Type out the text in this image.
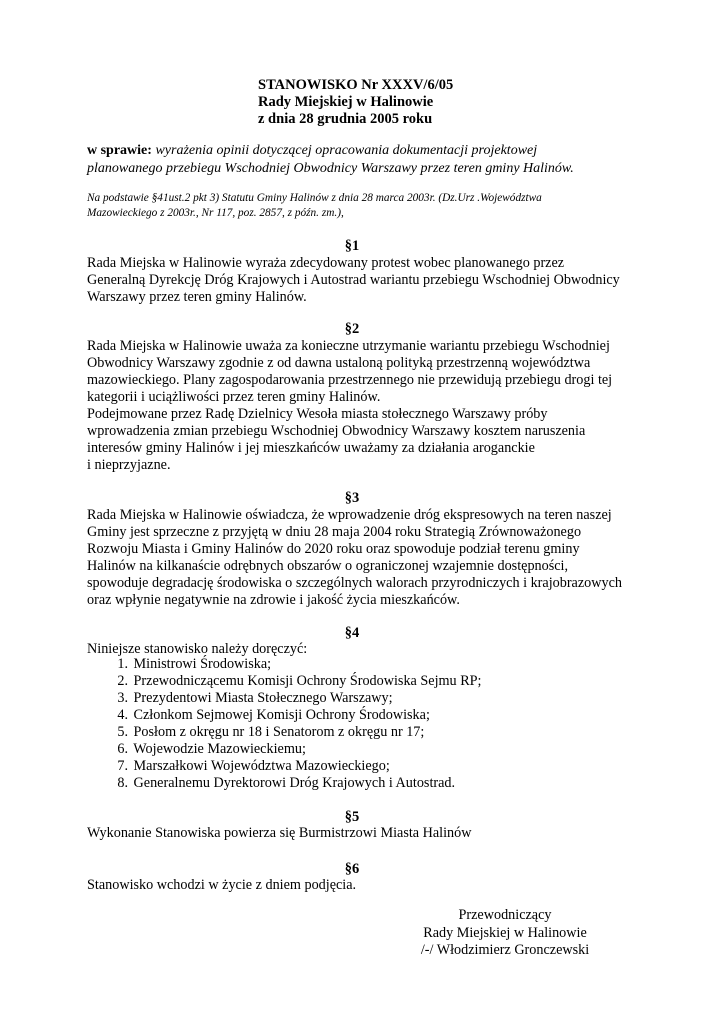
STANOWISKO Nr XXXV/6/05
Rady Miejskiej w Halinowie
z dnia 28 grudnia 2005 roku
w sprawie: wyrażenia opinii dotyczącej opracowania dokumentacji projektowej
planowanego przebiegu Wschodniej Obwodnicy Warszawy przez teren gminy Halinów.
Na podstawie §41ust.2 pkt 3) Statutu Gminy Halinów z dnia 28 marca 2003r. (Dz.Urz .Województwa
Mazowieckiego z 2003r., Nr 117, poz. 2857, z późn. zm.),
§1
Rada Miejska w Halinowie wyraża zdecydowany protest wobec planowanego przez
Generalną Dyrekcję Dróg Krajowych i Autostrad wariantu przebiegu Wschodniej Obwodnicy
Warszawy przez teren gminy Halinów.
§2
Rada Miejska w Halinowie uważa za konieczne utrzymanie wariantu przebiegu Wschodniej
Obwodnicy Warszawy zgodnie z od dawna ustaloną polityką przestrzenną województwa
mazowieckiego. Plany zagospodarowania przestrzennego nie przewidują przebiegu drogi tej
kategorii i uciążliwości przez teren gminy Halinów.
Podejmowane przez Radę Dzielnicy Wesoła miasta stołecznego Warszawy próby
wprowadzenia zmian przebiegu Wschodniej Obwodnicy Warszawy kosztem naruszenia
interesów gminy Halinów i jej mieszkańców uważamy za działania aroganckie
i nieprzyjazne.
§3
Rada Miejska w Halinowie oświadcza, że wprowadzenie dróg ekspresowych na teren naszej
Gminy jest sprzeczne z przyjętą w dniu 28 maja 2004 roku Strategią Zrównoważonego
Rozwoju Miasta i Gminy Halinów do 2020 roku oraz spowoduje podział terenu gminy
Halinów na kilkanaście odrębnych obszarów o ograniczonej wzajemnie dostępności,
spowoduje degradację środowiska o szczególnych walorach przyrodniczych i krajobrazowych
oraz wpłynie negatywnie na zdrowie i jakość życia mieszkańców.
§4
Niniejsze stanowisko należy doręczyć:
1. Ministrowi Środowiska;
2. Przewodniczącemu Komisji Ochrony Środowiska Sejmu RP;
3. Prezydentowi Miasta Stołecznego Warszawy;
4. Członkom Sejmowej Komisji Ochrony Środowiska;
5. Posłom z okręgu nr 18 i Senatorom z okręgu nr 17;
6. Wojewodzie Mazowieckiemu;
7. Marszałkowi Województwa Mazowieckiego;
8. Generalnemu Dyrektorowi Dróg Krajowych i Autostrad.
§5
Wykonanie Stanowiska powierza się Burmistrzowi Miasta Halinów
§6
Stanowisko wchodzi w życie z dniem podjęcia.
Przewodniczący
Rady Miejskiej w Halinowie
/-/ Włodzimierz Gronczewski
